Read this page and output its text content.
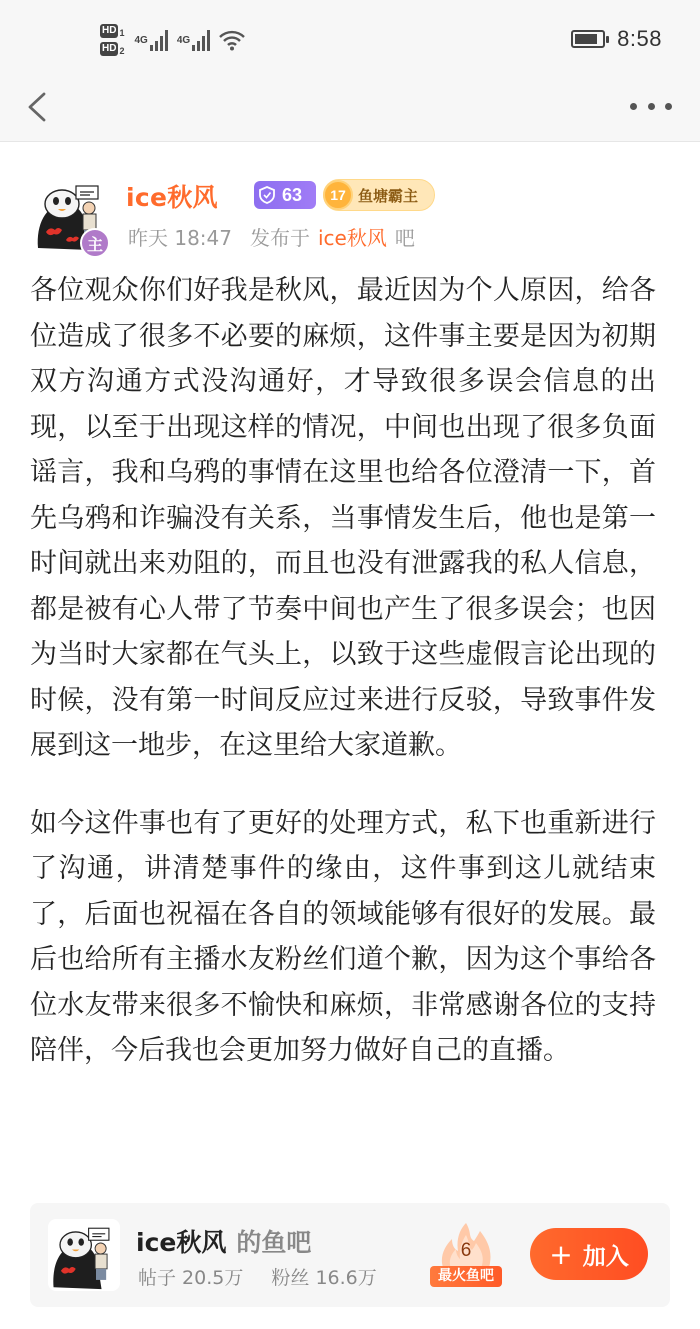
HD 1
HD 2
4G	4G	8:58
主
ice秋风	63	17 鱼塘霸主
昨天 18:47 发布于 ice秋风 吧

各位观众你们好我是秋风，最近因为个人原因，给各位造成了很多不必要的麻烦，这件事主要是因为初期双方沟通方式没沟通好，才导致很多误会信息的出现，以至于出现这样的情况，中间也出现了很多负面谣言，我和乌鸦的事情在这里也给各位澄清一下，首先乌鸦和诈骗没有关系，当事情发生后，他也是第一时间就出来劝阻的，而且也没有泄露我的私人信息，都是被有心人带了节奏中间也产生了很多误会；也因为当时大家都在气头上，以致于这些虚假言论出现的时候，没有第一时间反应过来进行反驳，导致事件发展到这一地步，在这里给大家道歉。

如今这件事也有了更好的处理方式，私下也重新进行了沟通，讲清楚事件的缘由，这件事到这儿就结束了，后面也祝福在各自的领域能够有很好的发展。最后也给所有主播水友粉丝们道个歉，因为这个事给各位水友带来很多不愉快和麻烦，非常感谢各位的支持陪伴，今后我也会更加努力做好自己的直播。

ice秋风 的鱼吧
帖子 20.5万 粉丝 16.6万
6
最火鱼吧
+ 加入
